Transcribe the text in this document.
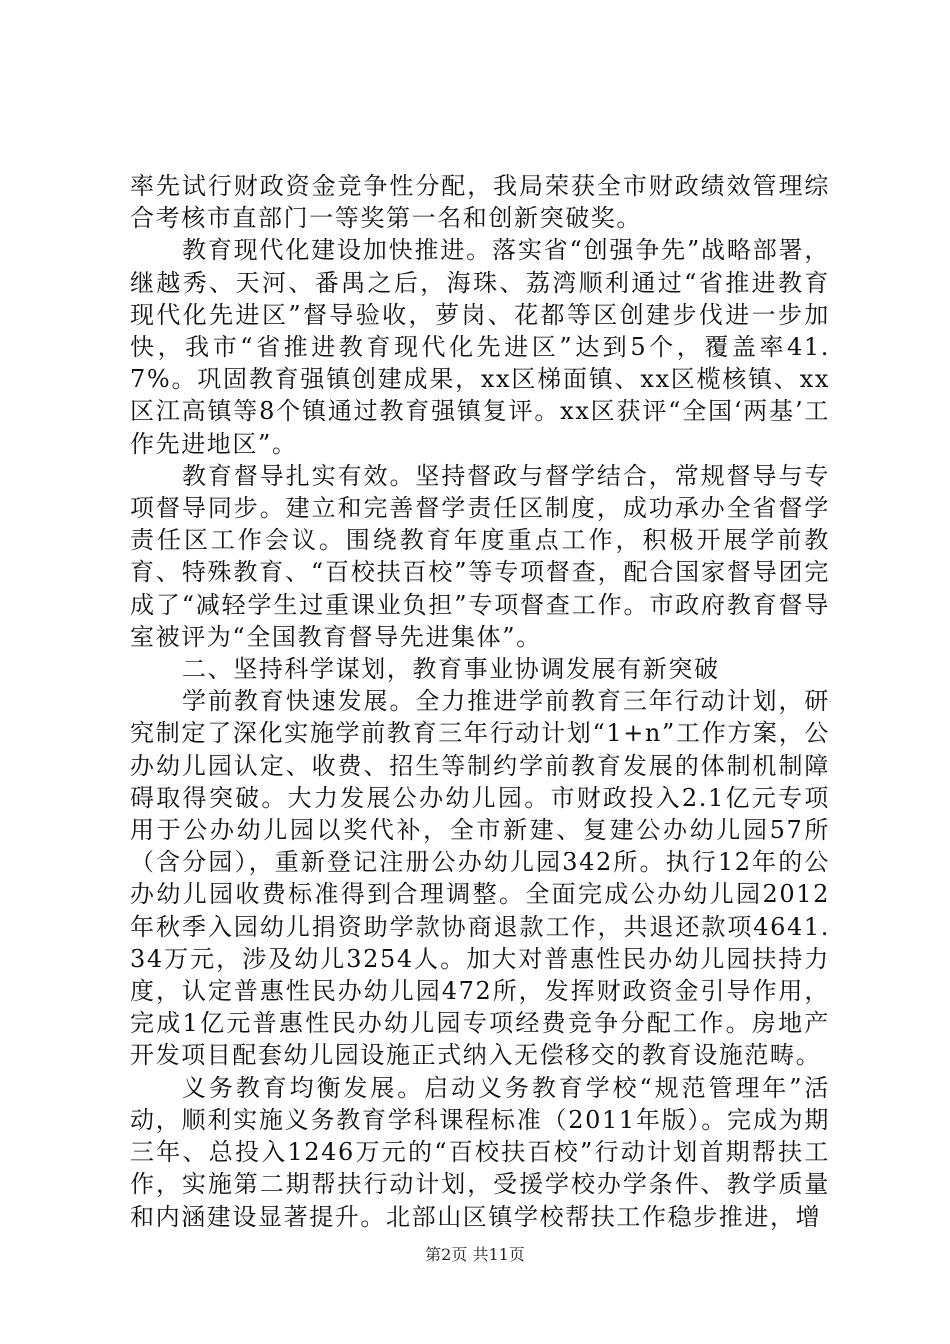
率先试行财政资金竞争性分配，我局荣获全市财政绩效管理综合考核市直部门一等奖第一名和创新突破奖。

教育现代化建设加快推进。落实省“创强争先”战略部署，继越秀、天河、番禺之后，海珠、荔湾顺利通过“省推进教育现代化先进区”督导验收，萝岗、花都等区创建步伐进一步加快，我市“省推进教育现代化先进区”达到5个，覆盖率41.7%。巩固教育强镇创建成果，xx区梯面镇、xx区榄核镇、xx区江高镇等8个镇通过教育强镇复评。xx区获评“全国‘两基’工作先进地区”。

教育督导扎实有效。坚持督政与督学结合，常规督导与专项督导同步。建立和完善督学责任区制度，成功承办全省督学责任区工作会议。围绕教育年度重点工作，积极开展学前教育、特殊教育、“百校扶百校”等专项督查，配合国家督导团完成了“减轻学生过重课业负担”专项督查工作。市政府教育督导室被评为“全国教育督导先进集体”。

二、坚持科学谋划，教育事业协调发展有新突破

学前教育快速发展。全力推进学前教育三年行动计划，研究制定了深化实施学前教育三年行动计划“1+n”工作方案，公办幼儿园认定、收费、招生等制约学前教育发展的体制机制障碍取得突破。大力发展公办幼儿园。市财政投入2.1亿元专项用于公办幼儿园以奖代补，全市新建、复建公办幼儿园57所（含分园），重新登记注册公办幼儿园342所。执行12年的公办幼儿园收费标准得到合理调整。全面完成公办幼儿园2012年秋季入园幼儿捐资助学款协商退款工作，共退还款项4641.34万元，涉及幼儿3254人。加大对普惠性民办幼儿园扶持力度，认定普惠性民办幼儿园472所，发挥财政资金引导作用，完成1亿元普惠性民办幼儿园专项经费竞争分配工作。房地产开发项目配套幼儿园设施正式纳入无偿移交的教育设施范畴。

义务教育均衡发展。启动义务教育学校“规范管理年”活动，顺利实施义务教育学科课程标准（2011年版）。完成为期三年、总投入1246万元的“百校扶百校”行动计划首期帮扶工作，实施第二期帮扶行动计划，受援学校办学条件、教学质量和内涵建设显著提升。北部山区镇学校帮扶工作稳步推进，增

第2页 共11页
